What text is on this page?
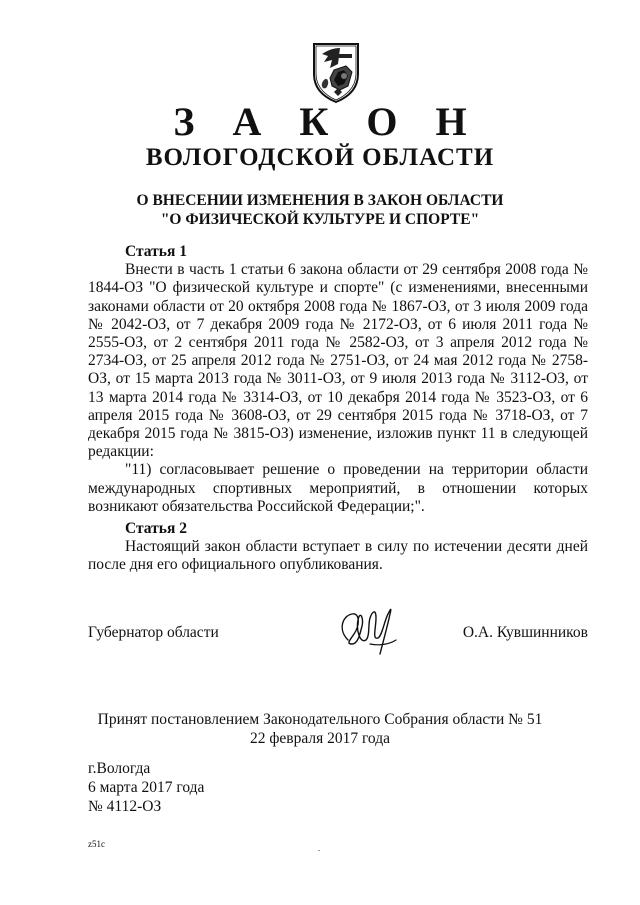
З А К О Н
ВОЛОГОДСКОЙ ОБЛАСТИ
О ВНЕСЕНИИ ИЗМЕНЕНИЯ В ЗАКОН ОБЛАСТИ
"О ФИЗИЧЕСКОЙ КУЛЬТУРЕ И СПОРТЕ"
Статья 1

Внести в часть 1 статьи 6 закона области от 29 сентября 2008 года № 1844-ОЗ "О физической культуре и спорте" (с изменениями, внесенными законами области от 20 октября 2008 года № 1867-ОЗ, от 3 июля 2009 года № 2042-ОЗ, от 7 декабря 2009 года № 2172-ОЗ, от 6 июля 2011 года № 2555-ОЗ, от 2 сентября 2011 года № 2582-ОЗ, от 3 апреля 2012 года № 2734-ОЗ, от 25 апреля 2012 года № 2751-ОЗ, от 24 мая 2012 года № 2758-ОЗ, от 15 марта 2013 года № 3011-ОЗ, от 9 июля 2013 года № 3112-ОЗ, от 13 марта 2014 года № 3314-ОЗ, от 10 декабря 2014 года № 3523-ОЗ, от 6 апреля 2015 года № 3608-ОЗ, от 29 сентября 2015 года № 3718-ОЗ, от 7 декабря 2015 года № 3815-ОЗ) изменение, изложив пункт 11 в следующей редакции:

"11) согласовывает решение о проведении на территории области международных спортивных мероприятий, в отношении которых возникают обязательства Российской Федерации;".

Статья 2

Настоящий закон области вступает в силу по истечении десяти дней после дня его официального опубликования.

Губернатор области	О.А. Кувшинников
Принят постановлением Законодательного Собрания области № 51
22 февраля 2017 года
г.Вологда
6 марта 2017 года
№ 4112-ОЗ
z51c
